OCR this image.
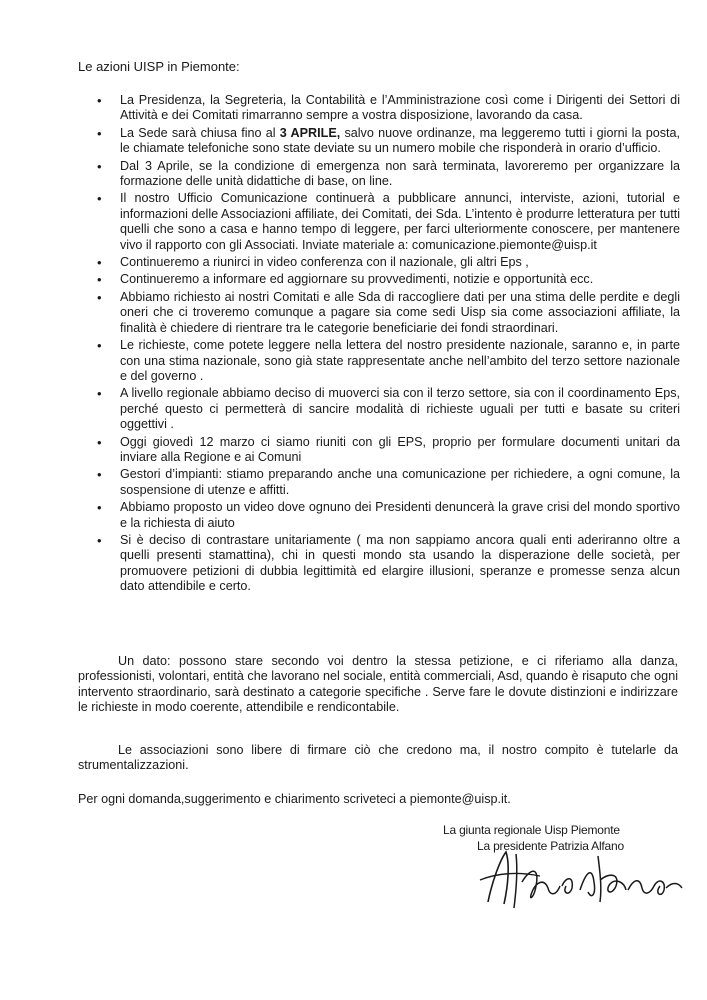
Le azioni UISP in Piemonte:
• La Presidenza, la Segreteria, la Contabilità e l’Amministrazione così come i Dirigenti dei Settori di Attività e dei Comitati rimarranno sempre a vostra disposizione, lavorando da casa.
• La Sede sarà chiusa fino al 3 APRILE, salvo nuove ordinanze, ma leggeremo tutti i giorni la posta, le chiamate telefoniche sono state deviate su un numero mobile che risponderà in orario d’ufficio.
• Dal 3 Aprile, se la condizione di emergenza non sarà terminata, lavoreremo per organizzare la formazione delle unità didattiche di base, on line.
• Il nostro Ufficio Comunicazione continuerà a pubblicare annunci, interviste, azioni, tutorial e informazioni delle Associazioni affiliate, dei Comitati, dei Sda. L’intento è produrre letteratura per tutti quelli che sono a casa e hanno tempo di leggere, per farci ulteriormente conoscere, per mantenere vivo il rapporto con gli Associati. Inviate materiale a: comunicazione.piemonte@uisp.it
• Continueremo a riunirci in video conferenza con il nazionale, gli altri Eps ,
• Continueremo a informare ed aggiornare su provvedimenti, notizie e opportunità ecc.
• Abbiamo richiesto ai nostri Comitati e alle Sda di raccogliere dati per una stima delle perdite e degli oneri che ci troveremo comunque a pagare sia come sedi Uisp sia come associazioni affiliate, la finalità è chiedere di rientrare tra le categorie beneficiarie dei fondi straordinari.
• Le richieste, come potete leggere nella lettera del nostro presidente nazionale, saranno e, in parte con una stima nazionale, sono già state rappresentate anche nell’ambito del terzo settore nazionale e del governo .
• A livello regionale abbiamo deciso di muoverci sia con il terzo settore, sia con il coordinamento Eps, perché questo ci permetterà di sancire modalità di richieste uguali per tutti e basate su criteri oggettivi .
• Oggi giovedì 12 marzo ci siamo riuniti con gli EPS, proprio per formulare documenti unitari da inviare alla Regione e ai Comuni
• Gestori d’impianti: stiamo preparando anche una comunicazione per richiedere, a ogni comune, la sospensione di utenze e affitti.
• Abbiamo proposto un video dove ognuno dei Presidenti denuncerà la grave crisi del mondo sportivo e la richiesta di aiuto
• Si è deciso di contrastare unitariamente ( ma non sappiamo ancora quali enti aderiranno oltre a quelli presenti stamattina), chi in questi mondo sta usando la disperazione delle società, per promuovere petizioni di dubbia legittimità ed elargire illusioni, speranze e promesse senza alcun dato attendibile e certo.
Un dato: possono stare secondo voi dentro la stessa petizione, e ci riferiamo alla danza, professionisti, volontari, entità che lavorano nel sociale, entità commerciali, Asd, quando è risaputo che ogni intervento straordinario, sarà destinato a categorie specifiche . Serve fare le dovute distinzioni e indirizzare le richieste in modo coerente, attendibile e rendicontabile.
Le associazioni sono libere di firmare ciò che credono ma, il nostro compito è tutelarle da strumentalizzazioni.
Per ogni domanda,suggerimento e chiarimento scriveteci a piemonte@uisp.it.
La giunta regionale Uisp Piemonte
La presidente Patrizia Alfano
